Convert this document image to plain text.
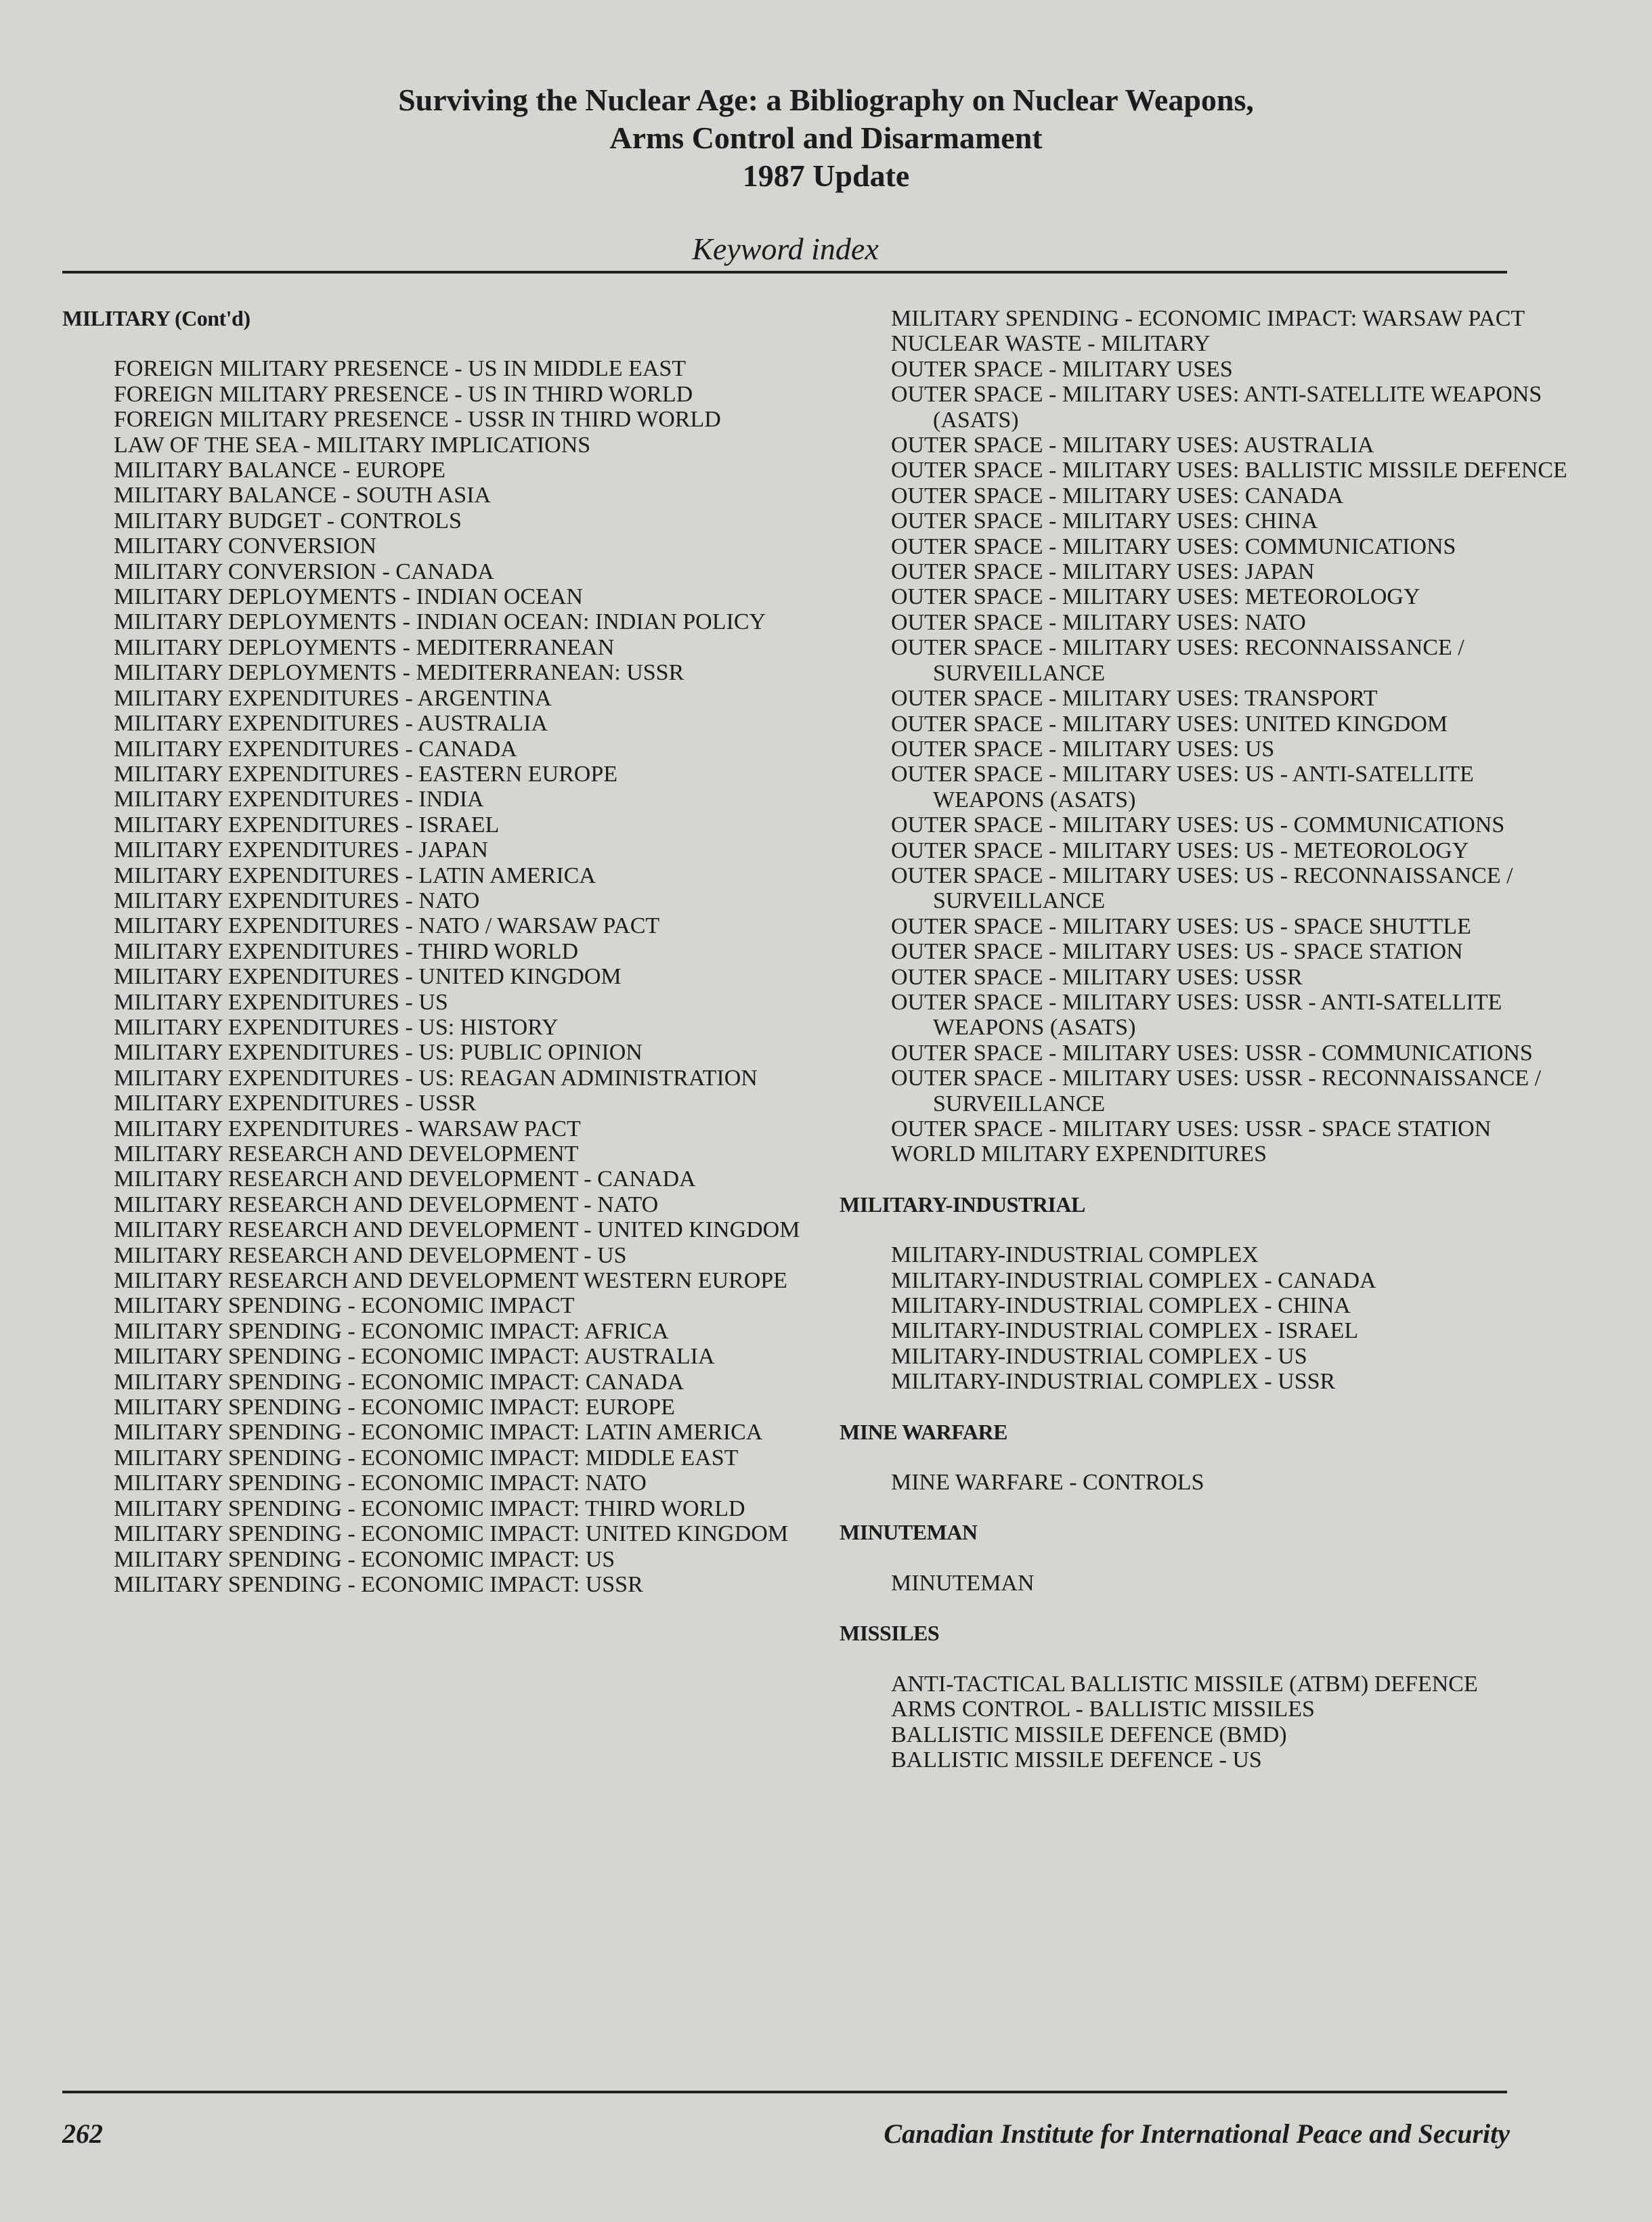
Surviving the Nuclear Age: a Bibliography on Nuclear Weapons,
Arms Control and Disarmament
1987 Update
Keyword index
MILITARY (Cont'd)
FOREIGN MILITARY PRESENCE - US IN MIDDLE EAST
FOREIGN MILITARY PRESENCE - US IN THIRD WORLD
FOREIGN MILITARY PRESENCE - USSR IN THIRD WORLD
LAW OF THE SEA - MILITARY IMPLICATIONS
MILITARY BALANCE - EUROPE
MILITARY BALANCE - SOUTH ASIA
MILITARY BUDGET - CONTROLS
MILITARY CONVERSION
MILITARY CONVERSION - CANADA
MILITARY DEPLOYMENTS - INDIAN OCEAN
MILITARY DEPLOYMENTS - INDIAN OCEAN: INDIAN POLICY
MILITARY DEPLOYMENTS - MEDITERRANEAN
MILITARY DEPLOYMENTS - MEDITERRANEAN: USSR
MILITARY EXPENDITURES - ARGENTINA
MILITARY EXPENDITURES - AUSTRALIA
MILITARY EXPENDITURES - CANADA
MILITARY EXPENDITURES - EASTERN EUROPE
MILITARY EXPENDITURES - INDIA
MILITARY EXPENDITURES - ISRAEL
MILITARY EXPENDITURES - JAPAN
MILITARY EXPENDITURES - LATIN AMERICA
MILITARY EXPENDITURES - NATO
MILITARY EXPENDITURES - NATO / WARSAW PACT
MILITARY EXPENDITURES - THIRD WORLD
MILITARY EXPENDITURES - UNITED KINGDOM
MILITARY EXPENDITURES - US
MILITARY EXPENDITURES - US: HISTORY
MILITARY EXPENDITURES - US: PUBLIC OPINION
MILITARY EXPENDITURES - US: REAGAN ADMINISTRATION
MILITARY EXPENDITURES - USSR
MILITARY EXPENDITURES - WARSAW PACT
MILITARY RESEARCH AND DEVELOPMENT
MILITARY RESEARCH AND DEVELOPMENT - CANADA
MILITARY RESEARCH AND DEVELOPMENT - NATO
MILITARY RESEARCH AND DEVELOPMENT - UNITED KINGDOM
MILITARY RESEARCH AND DEVELOPMENT - US
MILITARY RESEARCH AND DEVELOPMENT WESTERN EUROPE
MILITARY SPENDING - ECONOMIC IMPACT
MILITARY SPENDING - ECONOMIC IMPACT: AFRICA
MILITARY SPENDING - ECONOMIC IMPACT: AUSTRALIA
MILITARY SPENDING - ECONOMIC IMPACT: CANADA
MILITARY SPENDING - ECONOMIC IMPACT: EUROPE
MILITARY SPENDING - ECONOMIC IMPACT: LATIN AMERICA
MILITARY SPENDING - ECONOMIC IMPACT: MIDDLE EAST
MILITARY SPENDING - ECONOMIC IMPACT: NATO
MILITARY SPENDING - ECONOMIC IMPACT: THIRD WORLD
MILITARY SPENDING - ECONOMIC IMPACT: UNITED KINGDOM
MILITARY SPENDING - ECONOMIC IMPACT: US
MILITARY SPENDING - ECONOMIC IMPACT: USSR
MILITARY SPENDING - ECONOMIC IMPACT: WARSAW PACT
NUCLEAR WASTE - MILITARY
OUTER SPACE - MILITARY USES
OUTER SPACE - MILITARY USES: ANTI-SATELLITE WEAPONS (ASATS)
OUTER SPACE - MILITARY USES: AUSTRALIA
OUTER SPACE - MILITARY USES: BALLISTIC MISSILE DEFENCE
OUTER SPACE - MILITARY USES: CANADA
OUTER SPACE - MILITARY USES: CHINA
OUTER SPACE - MILITARY USES: COMMUNICATIONS
OUTER SPACE - MILITARY USES: JAPAN
OUTER SPACE - MILITARY USES: METEOROLOGY
OUTER SPACE - MILITARY USES: NATO
OUTER SPACE - MILITARY USES: RECONNAISSANCE / SURVEILLANCE
OUTER SPACE - MILITARY USES: TRANSPORT
OUTER SPACE - MILITARY USES: UNITED KINGDOM
OUTER SPACE - MILITARY USES: US
OUTER SPACE - MILITARY USES: US - ANTI-SATELLITE WEAPONS (ASATS)
OUTER SPACE - MILITARY USES: US - COMMUNICATIONS
OUTER SPACE - MILITARY USES: US - METEOROLOGY
OUTER SPACE - MILITARY USES: US - RECONNAISSANCE / SURVEILLANCE
OUTER SPACE - MILITARY USES: US - SPACE SHUTTLE
OUTER SPACE - MILITARY USES: US - SPACE STATION
OUTER SPACE - MILITARY USES: USSR
OUTER SPACE - MILITARY USES: USSR - ANTI-SATELLITE WEAPONS (ASATS)
OUTER SPACE - MILITARY USES: USSR - COMMUNICATIONS
OUTER SPACE - MILITARY USES: USSR - RECONNAISSANCE / SURVEILLANCE
OUTER SPACE - MILITARY USES: USSR - SPACE STATION
WORLD MILITARY EXPENDITURES
MILITARY-INDUSTRIAL
MILITARY-INDUSTRIAL COMPLEX
MILITARY-INDUSTRIAL COMPLEX - CANADA
MILITARY-INDUSTRIAL COMPLEX - CHINA
MILITARY-INDUSTRIAL COMPLEX - ISRAEL
MILITARY-INDUSTRIAL COMPLEX - US
MILITARY-INDUSTRIAL COMPLEX - USSR
MINE WARFARE
MINE WARFARE - CONTROLS
MINUTEMAN
MINUTEMAN
MISSILES
ANTI-TACTICAL BALLISTIC MISSILE (ATBM) DEFENCE
ARMS CONTROL - BALLISTIC MISSILES
BALLISTIC MISSILE DEFENCE (BMD)
BALLISTIC MISSILE DEFENCE - US
262	Canadian Institute for International Peace and Security
